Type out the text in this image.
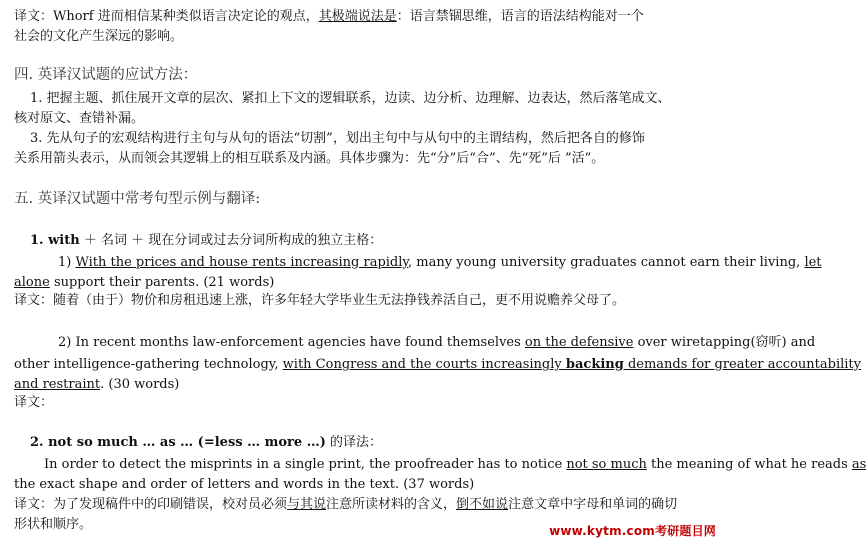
译文：Whorf 进而相信某种类似语言决定论的观点，其极端说法是：语言禁锢思维，语言的语法结构能对一个
社会的文化产生深远的影响。
四. 英译汉试题的应试方法：
1. 把握主题、抓住展开文章的层次、紧扣上下文的逻辑联系，边读、边分析、边理解、边表达，然后落笔成文、
核对原文、查错补漏。
3. 先从句子的宏观结构进行主句与从句的语法“切割”，划出主句中与从句中的主谓结构，然后把各自的修饰
关系用箭头表示，从而领会其逻辑上的相互联系及内涵。具体步骤为：先“分”后“合”、先“死”后 ”活”。
五. 英译汉试题中常考句型示例与翻译:
1. with ＋ 名词 ＋ 现在分词或过去分词所构成的独立主格：
1) With the prices and house rents increasing rapidly, many young university graduates cannot earn their living, let
alone support their parents. (21 words)
译文：随着（由于）物价和房租迅速上涨，许多年轻大学毕业生无法挣钱养活自己，更不用说赡养父母了。
2) In recent months law-enforcement agencies have found themselves on the defensive over wiretapping(窃听) and
other intelligence-gathering technology, with Congress and the courts increasingly backing demands for greater accountability
and restraint. (30 words)
译文：
2. not so much … as … (=less … more …) 的译法：
In order to detect the misprints in a single print, the proofreader has to notice not so much the meaning of what he reads as
the exact shape and order of letters and words in the text. (37 words)
译文：为了发现稿件中的印刷错误，校对员必须与其说注意所读材料的含义，倒不如说注意文章中字母和单词的确切
形状和顺序。	www.kytm.com考研题目网
